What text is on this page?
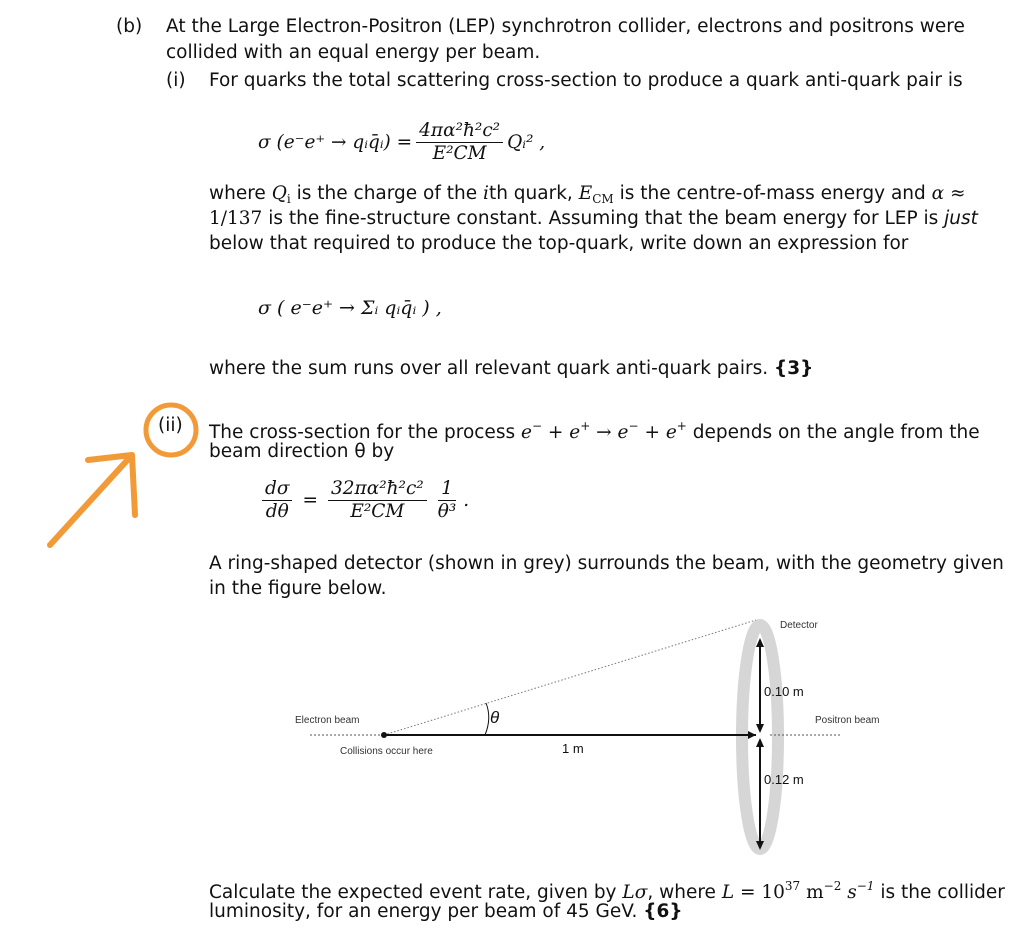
(b) At the Large Electron-Positron (LEP) synchrotron collider, electrons and positrons were
collided with an equal energy per beam.
(i) For quarks the total scattering cross-section to produce a quark anti-quark pair is
σ (e⁻e⁺ → qᵢq̄ᵢ) = $\frac{\text{4πα²ħ²c²}}{\text{E²CM}}$ Qᵢ² ,
where $Q_i$ is the charge of the ith quark, $E_{CM}$ is the centre-of-mass energy and α ≈
1/137 is the fine-structure constant. Assuming that the beam energy for LEP is just
below that required to produce the top-quark, write down an expression for
σ ( e⁻e⁺ → Σᵢ qᵢq̄ᵢ ) ,
where the sum runs over all relevant quark anti-quark pairs. {3}
(ii) The cross-section for the process e− + e+ → e− + e+ depends on the angle from the
beam direction θ by
$\frac{d\sigma}{d\theta} = \frac{\text{32πα²ħ²c²}}{\text{E²CM}} \frac{1}{\text{θ³}}$ .
A ring-shaped detector (shown in grey) surrounds the beam, with the geometry given
in the figure below.
Detector
Electron beam	Positron beam
Collisions occur here	1 m
0.10 m
0.12 m
θ
Calculate the expected event rate, given by Lσ, where $L = 10^{37}$ $m^{-2}$ $s^{-1}$ is the collider
luminosity, for an energy per beam of 45 GeV. {6}
